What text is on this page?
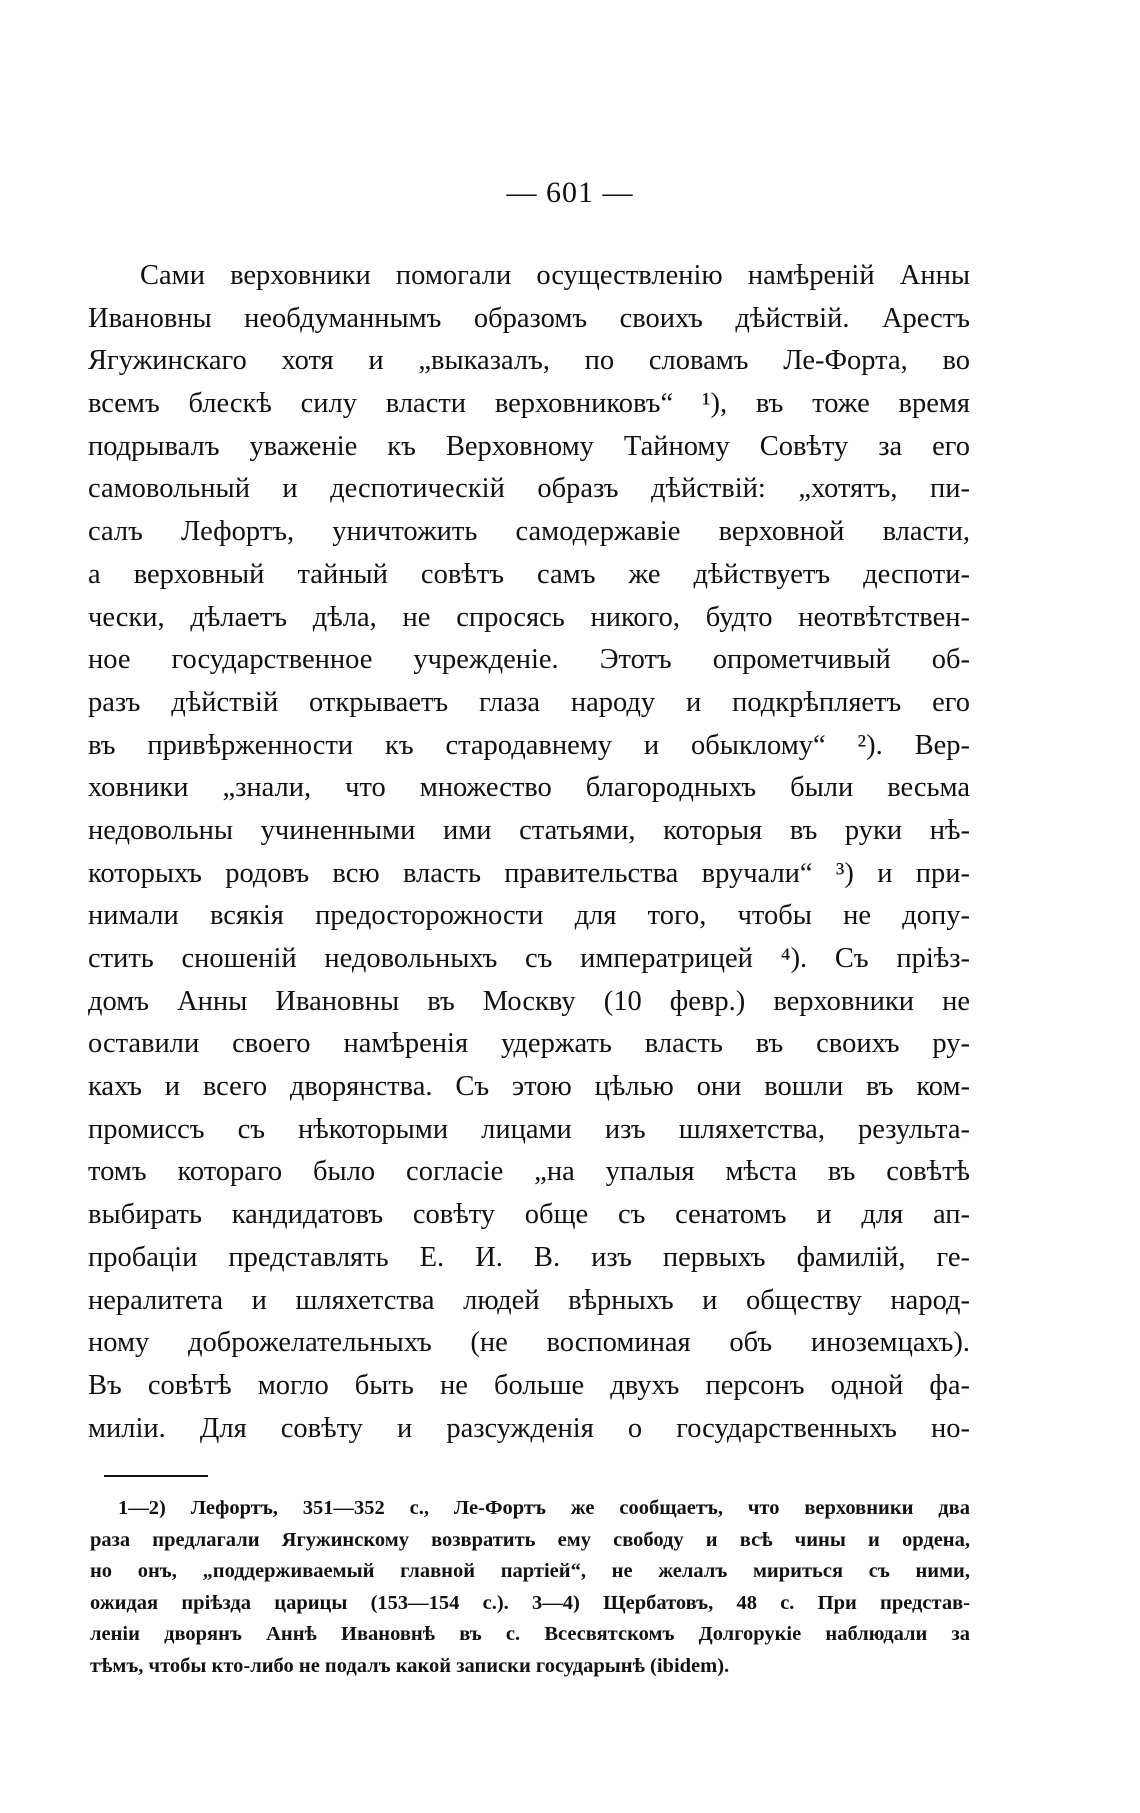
— 601 —
Сами верховники помогали осуществленію намѣреній Анны
Ивановны необдуманнымъ образомъ своихъ дѣйствій. Арестъ
Ягужинскаго хотя и „выказалъ, по словамъ Ле-Форта, во
всемъ блескѣ силу власти верховниковъ“ ¹), въ тоже время
подрывалъ уваженіе къ Верховному Тайному Совѣту за его
самовольный и деспотическій образъ дѣйствій: „хотятъ, пи-
салъ Лефортъ, уничтожить самодержавіе верховной власти,
а верховный тайный совѣтъ самъ же дѣйствуетъ деспоти-
чески, дѣлаетъ дѣла, не спросясь никого, будто неотвѣтствен-
ное государственное учрежденіе. Этотъ опрометчивый об-
разъ дѣйствій открываетъ глаза народу и подкрѣпляетъ его
въ привѣрженности къ стародавнему и обыклому“ ²). Вер-
ховники „знали, что множество благородныхъ были весьма
недовольны учиненными ими статьями, которыя въ руки нѣ-
которыхъ родовъ всю власть правительства вручали“ ³) и при-
нимали всякія предосторожности для того, чтобы не допу-
стить сношеній недовольныхъ съ императрицей ⁴). Съ пріѣз-
домъ Анны Ивановны въ Москву (10 февр.) верховники не
оставили своего намѣренія удержать власть въ своихъ ру-
кахъ и всего дворянства. Съ этою цѣлью они вошли въ ком-
промиссъ съ нѣкоторыми лицами изъ шляхетства, результа-
томъ котораго было согласіе „на упалыя мѣста въ совѣтѣ
выбирать кандидатовъ совѣту обще съ сенатомъ и для ап-
пробаціи представлять Е. И. В. изъ первыхъ фамилій, ге-
нералитета и шляхетства людей вѣрныхъ и обществу народ-
ному доброжелательныхъ (не воспоминая объ иноземцахъ).
Въ совѣтѣ могло быть не больше двухъ персонъ одной фа-
миліи. Для совѣту и разсужденія о государственныхъ но-
1—2) Лефортъ, 351—352 с., Ле-Фортъ же сообщаетъ, что верховники два
раза предлагали Ягужинскому возвратить ему свободу и всѣ чины и ордена,
но онъ, „поддерживаемый главной партіей“, не желалъ мириться съ ними,
ожидая пріѣзда царицы (153—154 с.). 3—4) Щербатовъ, 48 с. При представ-
леніи дворянъ Аннѣ Ивановнѣ въ с. Всесвятскомъ Долгорукіе наблюдали за
тѣмъ, чтобы кто-либо не подалъ какой записки государынѣ (ibidem).
